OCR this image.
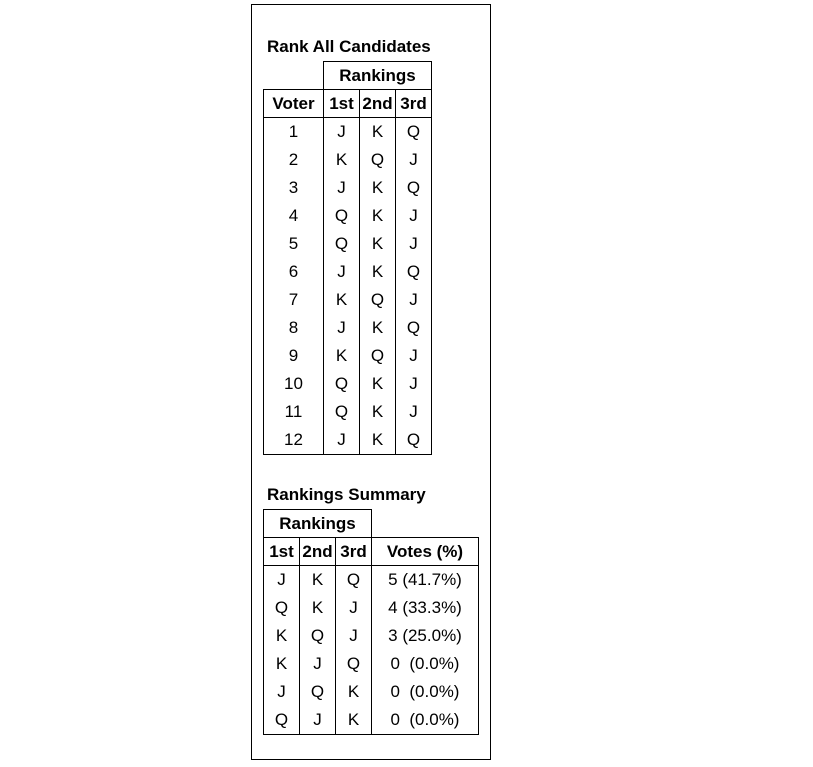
Rank All Candidates
	Rankings		
Voter	1st	2nd	3rd
1	J	K	Q
2	K	Q	J
3	J	K	Q
4	Q	K	J
5	Q	K	J
6	J	K	Q
7	K	Q	J
8	J	K	Q
9	K	Q	J
10	Q	K	J
11	Q	K	J
12	J	K	Q
Rankings Summary
Rankings			
1st	2nd	3rd	Votes (%)
J	K	Q	5 (41.7%)
Q	K	J	4 (33.3%)
K	Q	J	3 (25.0%)
K	J	Q	0  (0.0%)
J	Q	K	0  (0.0%)
Q	J	K	0  (0.0%)
